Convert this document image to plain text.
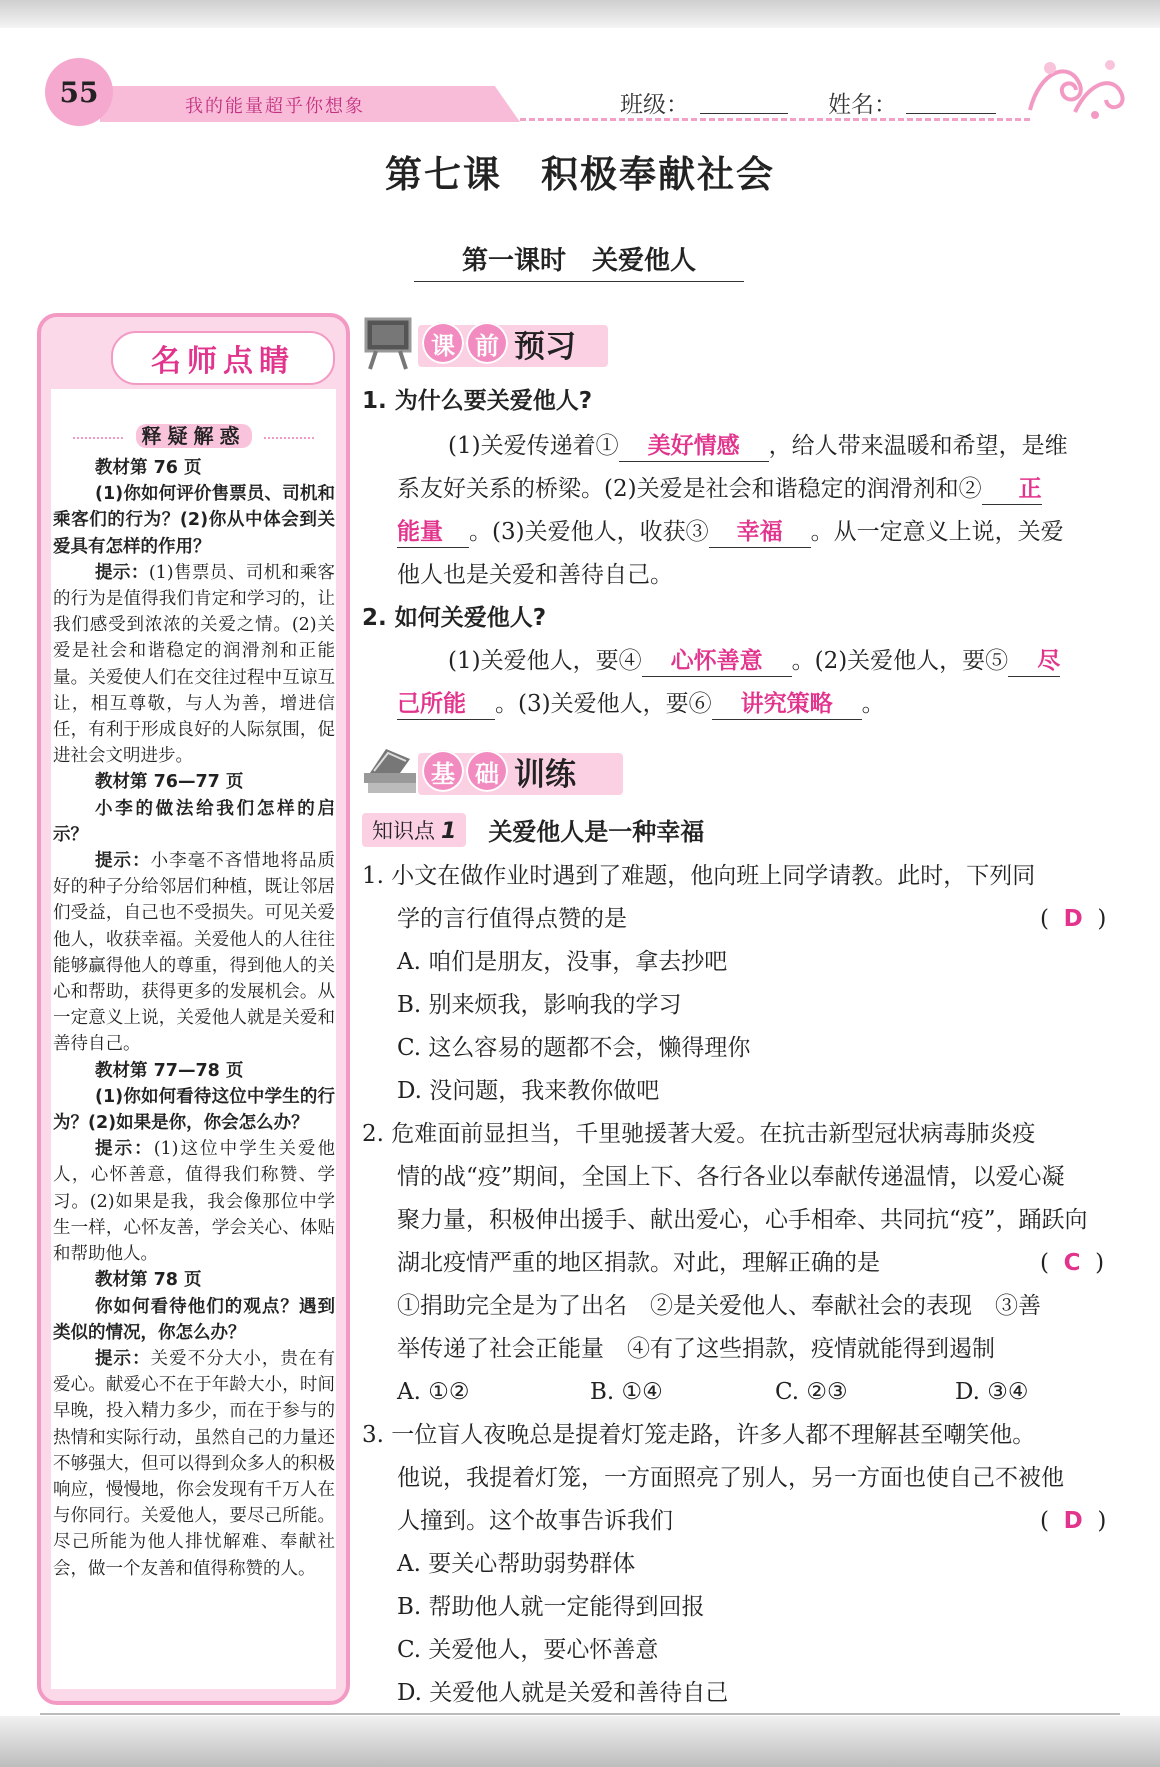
55	我的能量超乎你想象	班级：	姓名：
第七课　积极奉献社会
第一课时　关爱他人
名师点睛
释疑解惑

教材第 76 页

(1)你如何评价售票员、司机和乘客们的行为？(2)你从中体会到关爱具有怎样的作用？

提示：(1)售票员、司机和乘客的行为是值得我们肯定和学习的，让我们感受到浓浓的关爱之情。(2)关爱是社会和谐稳定的润滑剂和正能量。关爱使人们在交往过程中互谅互让，相互尊敬，与人为善，增进信任，有利于形成良好的人际氛围，促进社会文明进步。

教材第 76—77 页

小李的做法给我们怎样的启示？

提示：小李毫不吝惜地将品质好的种子分给邻居们种植，既让邻居们受益，自己也不受损失。可见关爱他人，收获幸福。关爱他人的人往往能够赢得他人的尊重，得到他人的关心和帮助，获得更多的发展机会。从一定意义上说，关爱他人就是关爱和善待自己。

教材第 77—78 页

(1)你如何看待这位中学生的行为？(2)如果是你，你会怎么办？

提示：(1)这位中学生关爱他人，心怀善意，值得我们称赞、学习。(2)如果是我，我会像那位中学生一样，心怀友善，学会关心、体贴和帮助他人。

教材第 78 页

你如何看待他们的观点？遇到类似的情况，你怎么办？

提示：关爱不分大小，贵在有爱心。献爱心不在于年龄大小，时间早晚，投入精力多少，而在于参与的热情和实际行动，虽然自己的力量还不够强大，但可以得到众多人的积极响应，慢慢地，你会发现有千万人在与你同行。关爱他人，要尽己所能。尽己所能为他人排忧解难、奉献社会，做一个友善和值得称赞的人。

课 前 预习
1. 为什么要关爱他人?
(1)关爱传递着① 美好情感 ，给人带来温暖和希望，是维
系友好关系的桥梁。(2)关爱是社会和谐稳定的润滑剂和② 正
能量 。(3)关爱他人，收获③ 幸福 。从一定意义上说，关爱
他人也是关爱和善待自己。
2. 如何关爱他人?
(1)关爱他人，要④ 心怀善意 。(2)关爱他人，要⑤ 尽
己所能 。(3)关爱他人，要⑥ 讲究策略 。
基 础 训练
知识点 1	关爱他人是一种幸福
1. 小文在做作业时遇到了难题，他向班上同学请教。此时，下列同
学的言行值得点赞的是	(  D  )
A. 咱们是朋友，没事，拿去抄吧
B. 别来烦我，影响我的学习
C. 这么容易的题都不会，懒得理你
D. 没问题，我来教你做吧
2. 危难面前显担当，千里驰援著大爱。在抗击新型冠状病毒肺炎疫
情的战“疫”期间，全国上下、各行各业以奉献传递温情，以爱心凝
聚力量，积极伸出援手、献出爱心，心手相牵、共同抗“疫”，踊跃向
湖北疫情严重的地区捐款。对此，理解正确的是	(  C  )
①捐助完全是为了出名　②是关爱他人、奉献社会的表现　③善
举传递了社会正能量　④有了这些捐款，疫情就能得到遏制
A. ①②	B. ①④	C. ②③	D. ③④
3. 一位盲人夜晚总是提着灯笼走路，许多人都不理解甚至嘲笑他。
他说，我提着灯笼，一方面照亮了别人，另一方面也使自己不被他
人撞到。这个故事告诉我们	(  D  )
A. 要关心帮助弱势群体
B. 帮助他人就一定能得到回报
C. 关爱他人，要心怀善意
D. 关爱他人就是关爱和善待自己
